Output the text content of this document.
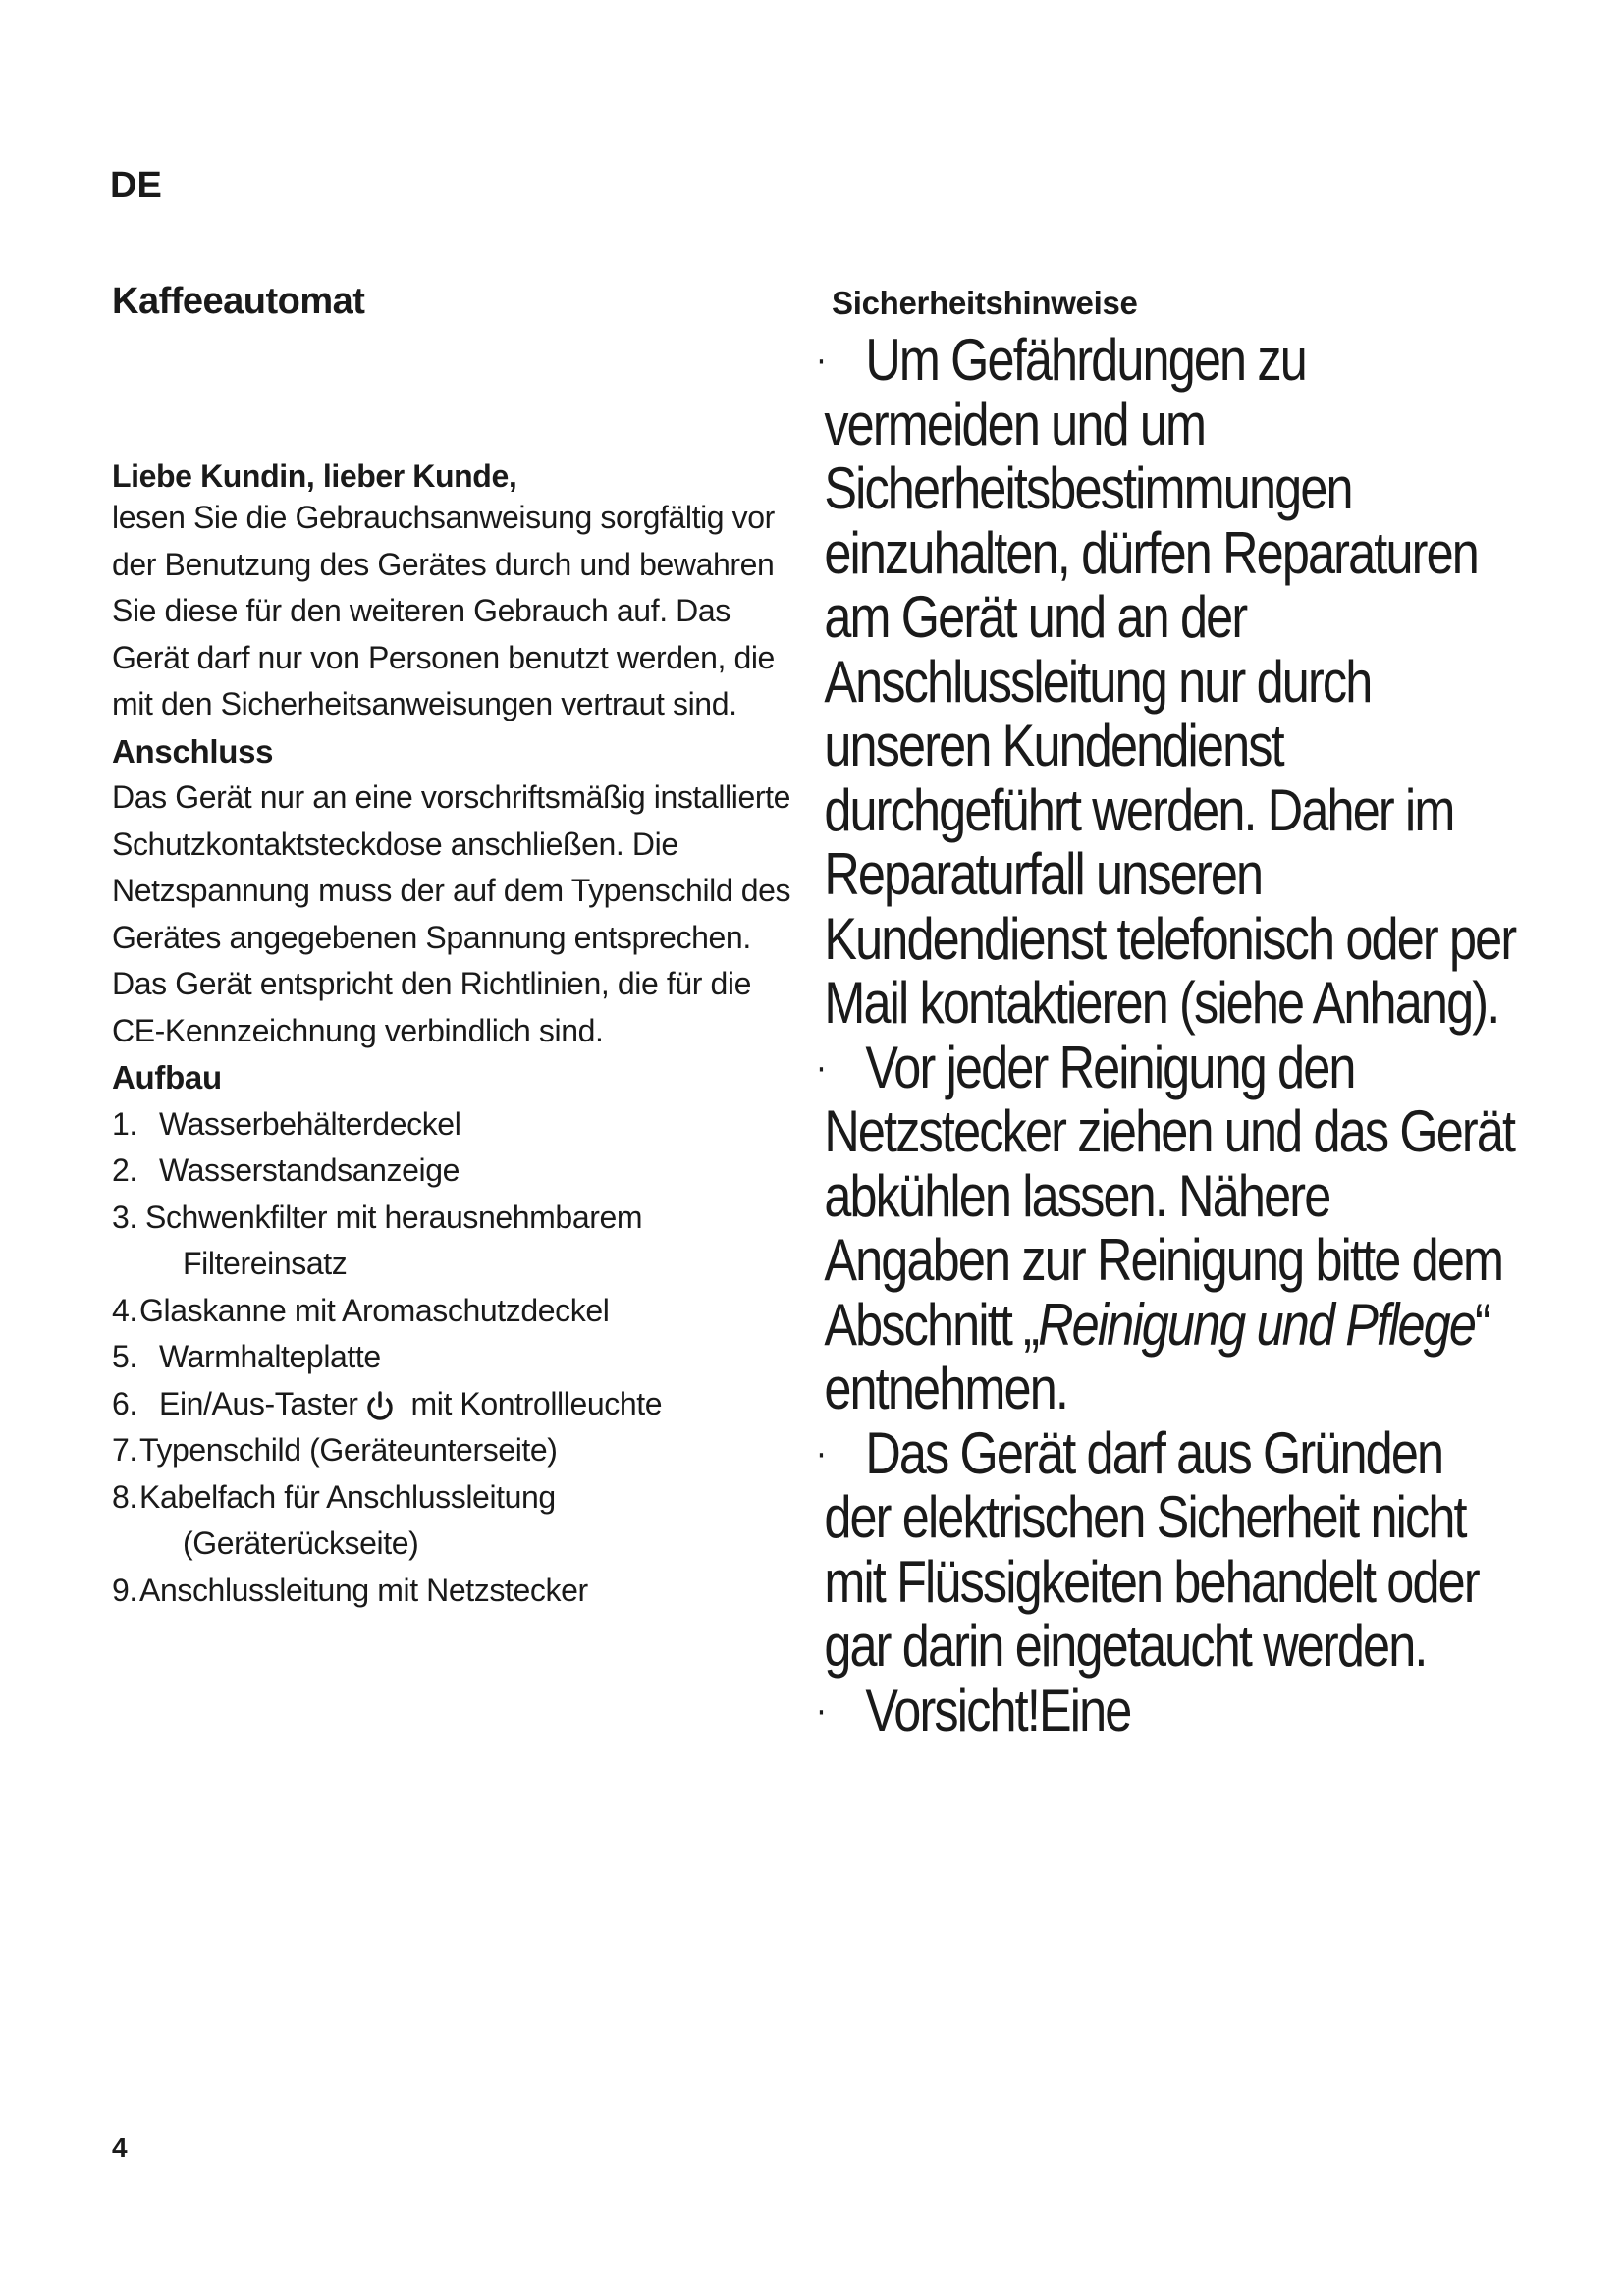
DE
Kaffeeautomat
Liebe Kundin, lieber Kunde,

lesen Sie die Gebrauchsanweisung sorgfältig vor der Benutzung des Gerätes durch und bewahren Sie diese für den weiteren Gebrauch auf. Das Gerät darf nur von Personen benutzt werden, die mit den Sicherheitsanweisungen vertraut sind.

Anschluss

Das Gerät nur an eine vorschriftsmäßig installierte Schutzkontaktsteckdose anschließen. Die Netzspannung muss der auf dem Typenschild des Gerätes angegebenen Spannung entsprechen. Das Gerät entspricht den Richtlinien, die für die CE-Kennzeichnung verbindlich sind.

Aufbau
1. Wasserbehälterdeckel
2. Wasserstandsanzeige
3. Schwenkfilter mit herausnehmbarem
Filtereinsatz
4.Glaskanne mit Aromaschutzdeckel
5. Warmhalteplatte
6. Ein/Aus-Taster mit Kontrollleuchte
7.Typenschild (Geräteunterseite)
8.Kabelfach für Anschlussleitung
(Geräterückseite)
9.Anschlussleitung mit Netzstecker
Sicherheitshinweise
· Um Gefährdungen zu vermeiden und um Sicherheitsbestimmungen einzuhalten, dürfen Reparaturen am Gerät und an der Anschlussleitung nur durch unseren Kundendienst durchgeführt werden. Daher im Reparaturfall unseren Kundendienst telefonisch oder per Mail kontaktieren (siehe Anhang).
· Vor jeder Reinigung den Netzstecker ziehen und das Gerät abkühlen lassen. Nähere Angaben zur Reinigung bitte dem Abschnitt „Reinigung und Pflege“ entnehmen.
· Das Gerät darf aus Gründen der elektrischen Sicherheit nicht mit Flüssigkeiten behandelt oder gar darin eingetaucht werden.
· Vorsicht!Eine
4
